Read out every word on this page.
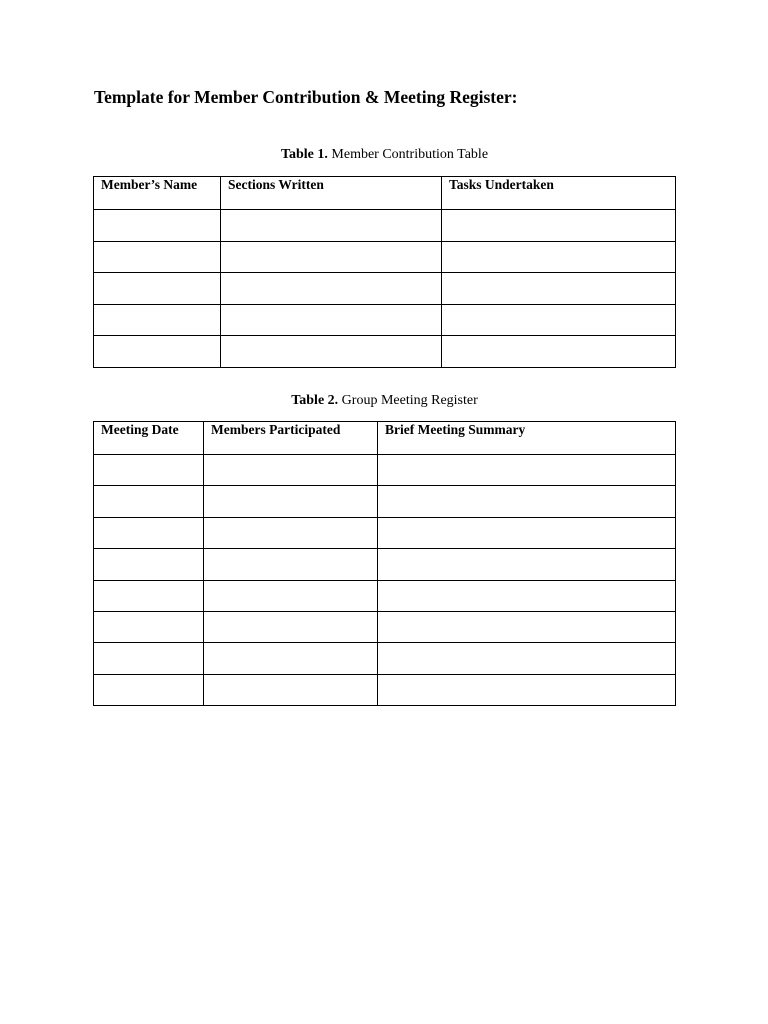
Template for Member Contribution & Meeting Register:

Table 1. Member Contribution Table

Member’s Name	Sections Written	Tasks Undertaken

Table 2. Group Meeting Register

Meeting Date	Members Participated	Brief Meeting Summary
